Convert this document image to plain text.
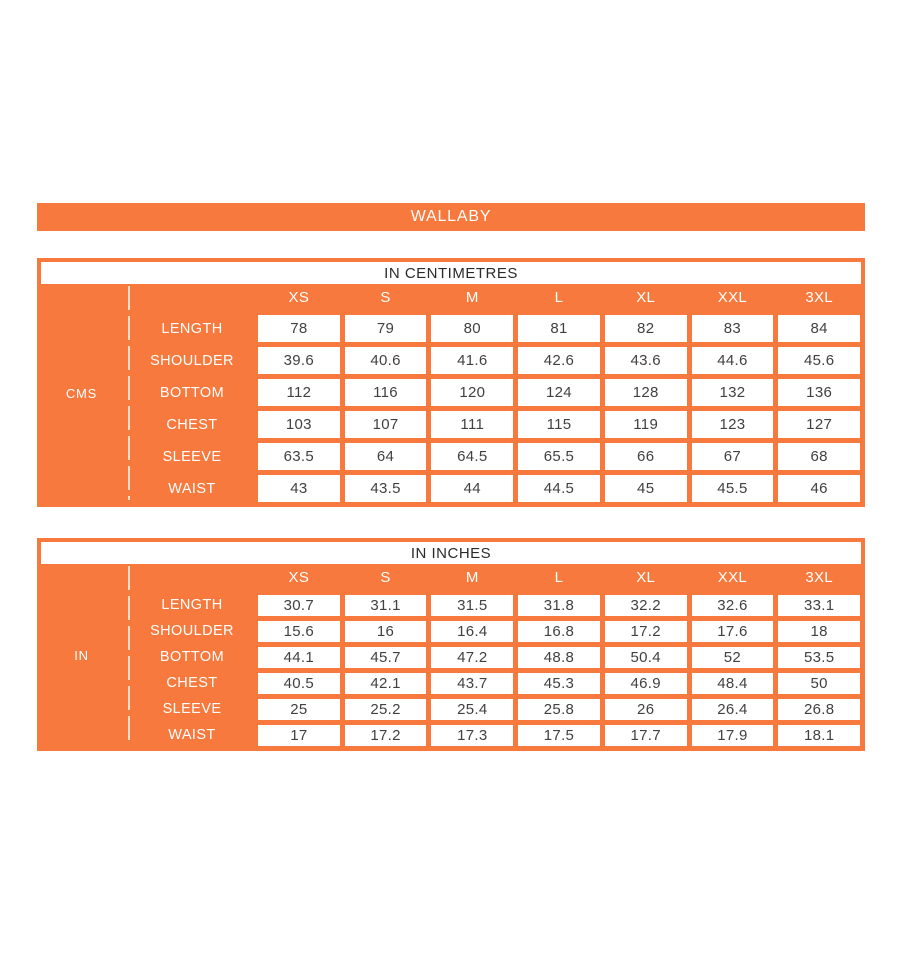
WALLABY
IN CENTIMETRES
CMS
XS	S	M	L	XL	XXL	3XL
LENGTH	78	79	80	81	82	83	84
SHOULDER	39.6	40.6	41.6	42.6	43.6	44.6	45.6
BOTTOM	112	116	120	124	128	132	136
CHEST	103	107	111	115	119	123	127
SLEEVE	63.5	64	64.5	65.5	66	67	68
WAIST	43	43.5	44	44.5	45	45.5	46
IN INCHES
IN
XS	S	M	L	XL	XXL	3XL
LENGTH	30.7	31.1	31.5	31.8	32.2	32.6	33.1
SHOULDER	15.6	16	16.4	16.8	17.2	17.6	18
BOTTOM	44.1	45.7	47.2	48.8	50.4	52	53.5
CHEST	40.5	42.1	43.7	45.3	46.9	48.4	50
SLEEVE	25	25.2	25.4	25.8	26	26.4	26.8
WAIST	17	17.2	17.3	17.5	17.7	17.9	18.1
